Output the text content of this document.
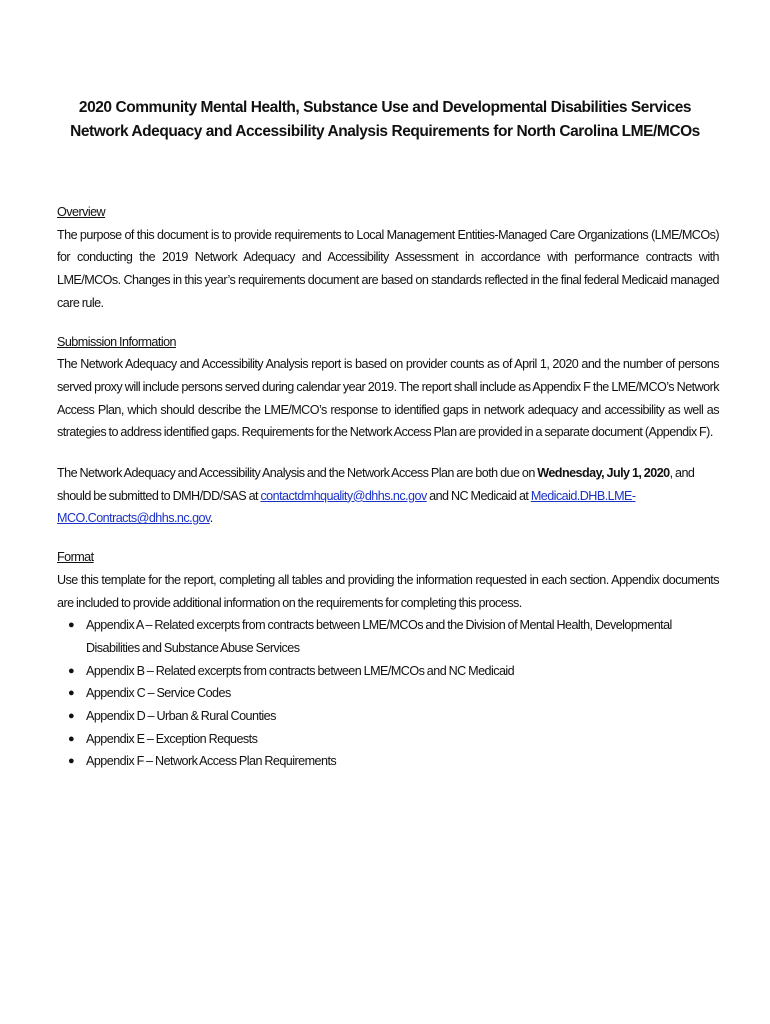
2020 Community Mental Health, Substance Use and Developmental Disabilities Services
Network Adequacy and Accessibility Analysis Requirements for North Carolina LME/MCOs
Overview

The purpose of this document is to provide requirements to Local Management Entities-Managed Care Organizations (LME/MCOs) for conducting the 2019 Network Adequacy and Accessibility Assessment in accordance with performance contracts with LME/MCOs. Changes in this year’s requirements document are based on standards reflected in the final federal Medicaid managed care rule.

Submission Information

The Network Adequacy and Accessibility Analysis report is based on provider counts as of April 1, 2020 and the number of persons served proxy will include persons served during calendar year 2019. The report shall include as Appendix F the LME/MCO’s Network Access Plan, which should describe the LME/MCO’s response to identified gaps in network adequacy and accessibility as well as strategies to address identified gaps. Requirements for the Network Access Plan are provided in a separate document (Appendix F).

The Network Adequacy and Accessibility Analysis and the Network Access Plan are both due on Wednesday, July 1, 2020, and should be submitted to DMH/DD/SAS at contactdmhquality@dhhs.nc.gov and NC Medicaid at Medicaid.DHB.LME-MCO.Contracts@dhhs.nc.gov.

Format

Use this template for the report, completing all tables and providing the information requested in each section. Appendix documents are included to provide additional information on the requirements for completing this process.

● Appendix A – Related excerpts from contracts between LME/MCOs and the Division of Mental Health, Developmental Disabilities and Substance Abuse Services
● Appendix B – Related excerpts from contracts between LME/MCOs and NC Medicaid
● Appendix C – Service Codes
● Appendix D – Urban & Rural Counties
● Appendix E – Exception Requests
● Appendix F – Network Access Plan Requirements
